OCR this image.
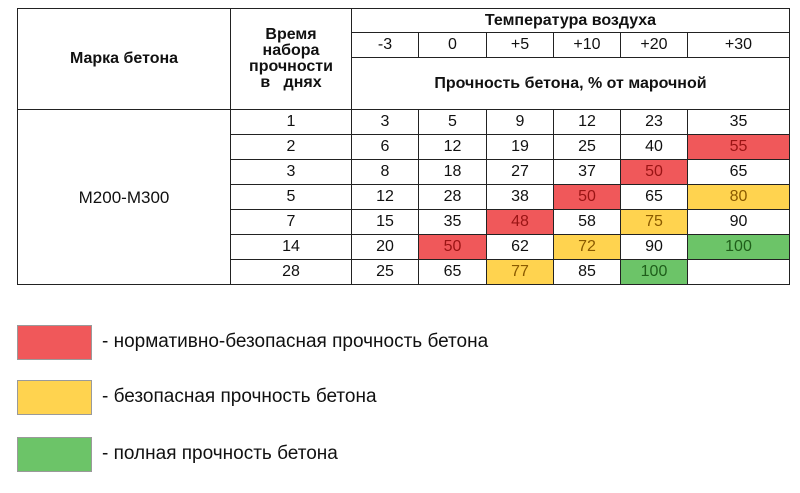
Марка бетона	Время
набора
прочности
в   днях	Температура воздуха					
		-3	0	+5	+10	+20	+30
		Прочность бетона, % от марочной					
М200-М300	1	3	5	9	12	23	35
	2	6	12	19	25	40	55
	3	8	18	27	37	50	65
	5	12	28	38	50	65	80
	7	15	35	48	58	75	90
	14	20	50	62	72	90	100
	28	25	65	77	85	100	
- нормативно-безопасная прочность бетона
- безопасная прочность бетона
- полная прочность бетона
